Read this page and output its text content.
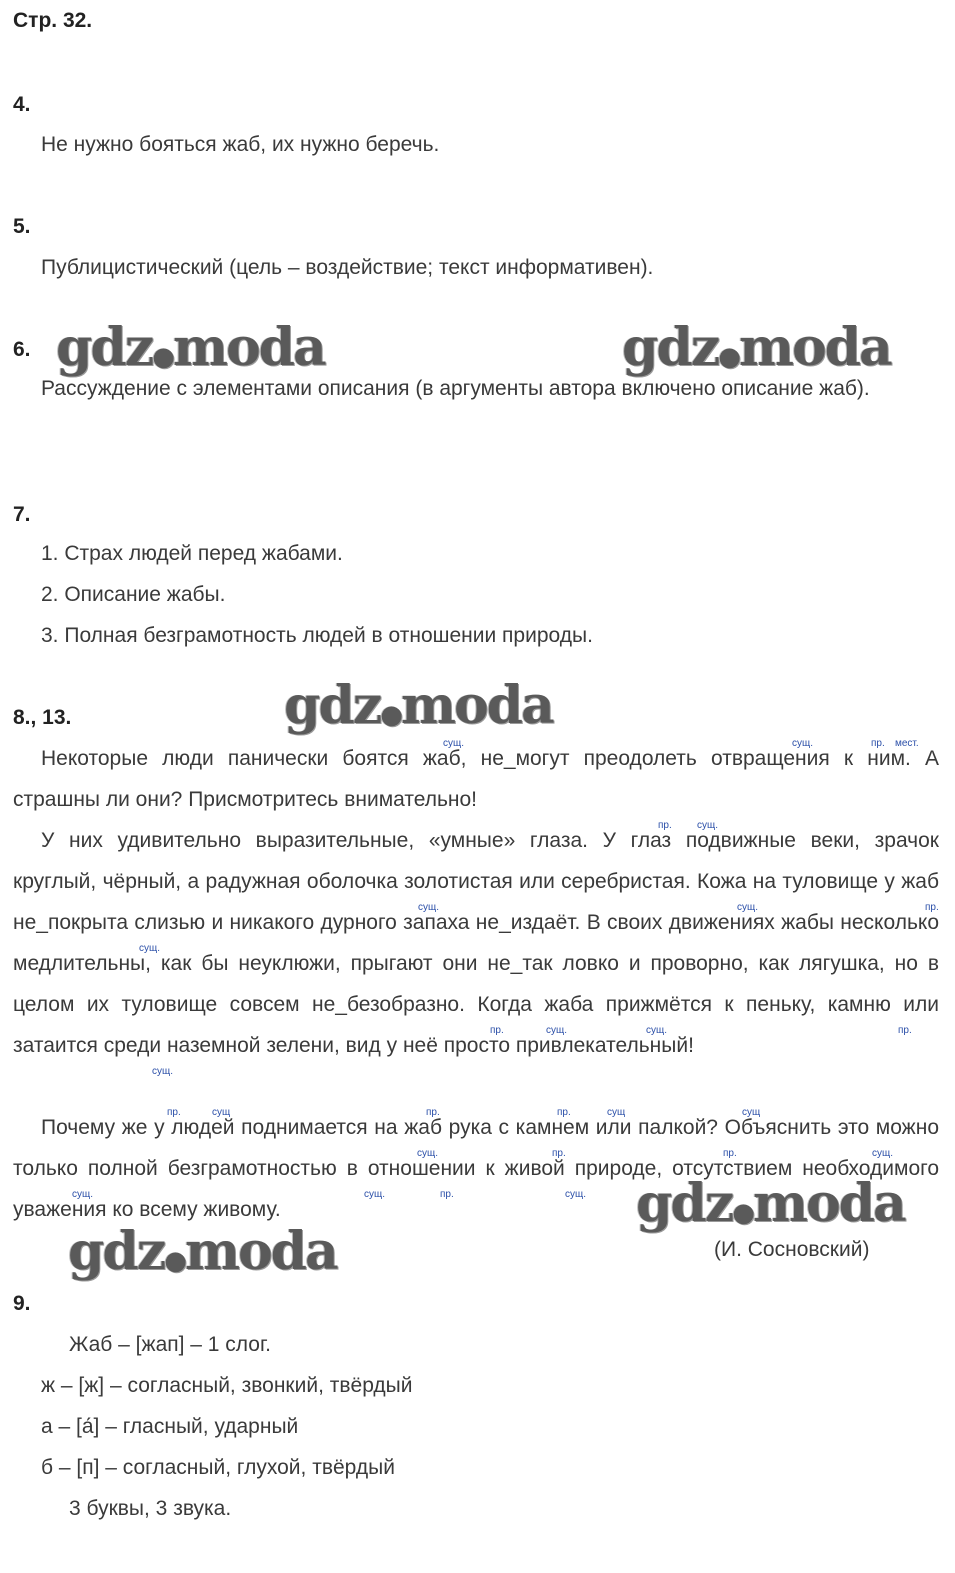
Стр. 32.
4.
Не нужно бояться жаб, их нужно беречь.
5.
Публицистический (цель – воздействие; текст информативен).
gdz●moda	gdz●moda
gdz●moda
gdz●moda
gdz●moda
6.
Рассуждение с элементами описания (в аргументы автора включено описание жаб).
7.
1. Страх людей перед жабами.
2. Описание жабы.
3. Полная безграмотность людей в отношении природы.
8., 13.
Некоторые люди панически боятся жаб, не_могут преодолеть отвращения к ним. А страшны ли они? Присмотритесь внимательно!
У них удивительно выразительные, «умные» глаза. У глаз подвижные веки, зрачок круглый, чёрный, а радужная оболочка золотистая или серебристая. Кожа на туловище у жаб не_покрыта слизью и никакого дурного запаха не_издаёт. В своих движениях жабы несколько медлительны, как бы неуклюжи, прыгают они не_так ловко и проворно, как лягушка, но в целом их туловище совсем не_безобразно. Когда жаба прижмётся к пеньку, камню или затаится среди наземной зелени, вид у неё просто привлекательный!
Почему же у людей поднимается на жаб рука с камнем или палкой? Объяснить это можно только полной безграмотностью в отношении к живой природе, отсутствием необходимого уважения ко всему живому.
сущ.	сущ.	пр. мест.
пр.	сущ.
сущ.	сущ.	пр.
сущ.
пр.	сущ.	сущ.	пр.
сущ.
пр.	сущ	пр.	пр.	сущ	сущ
сущ.	пр.	пр.	сущ.
сущ.	сущ.	пр.	сущ.
(И. Сосновский)
9.
Жаб – [жап] – 1 слог.
ж – [ж] – согласный, звонкий, твёрдый
а – [а́] – гласный, ударный
б – [п] – согласный, глухой, твёрдый
3 буквы, 3 звука.
